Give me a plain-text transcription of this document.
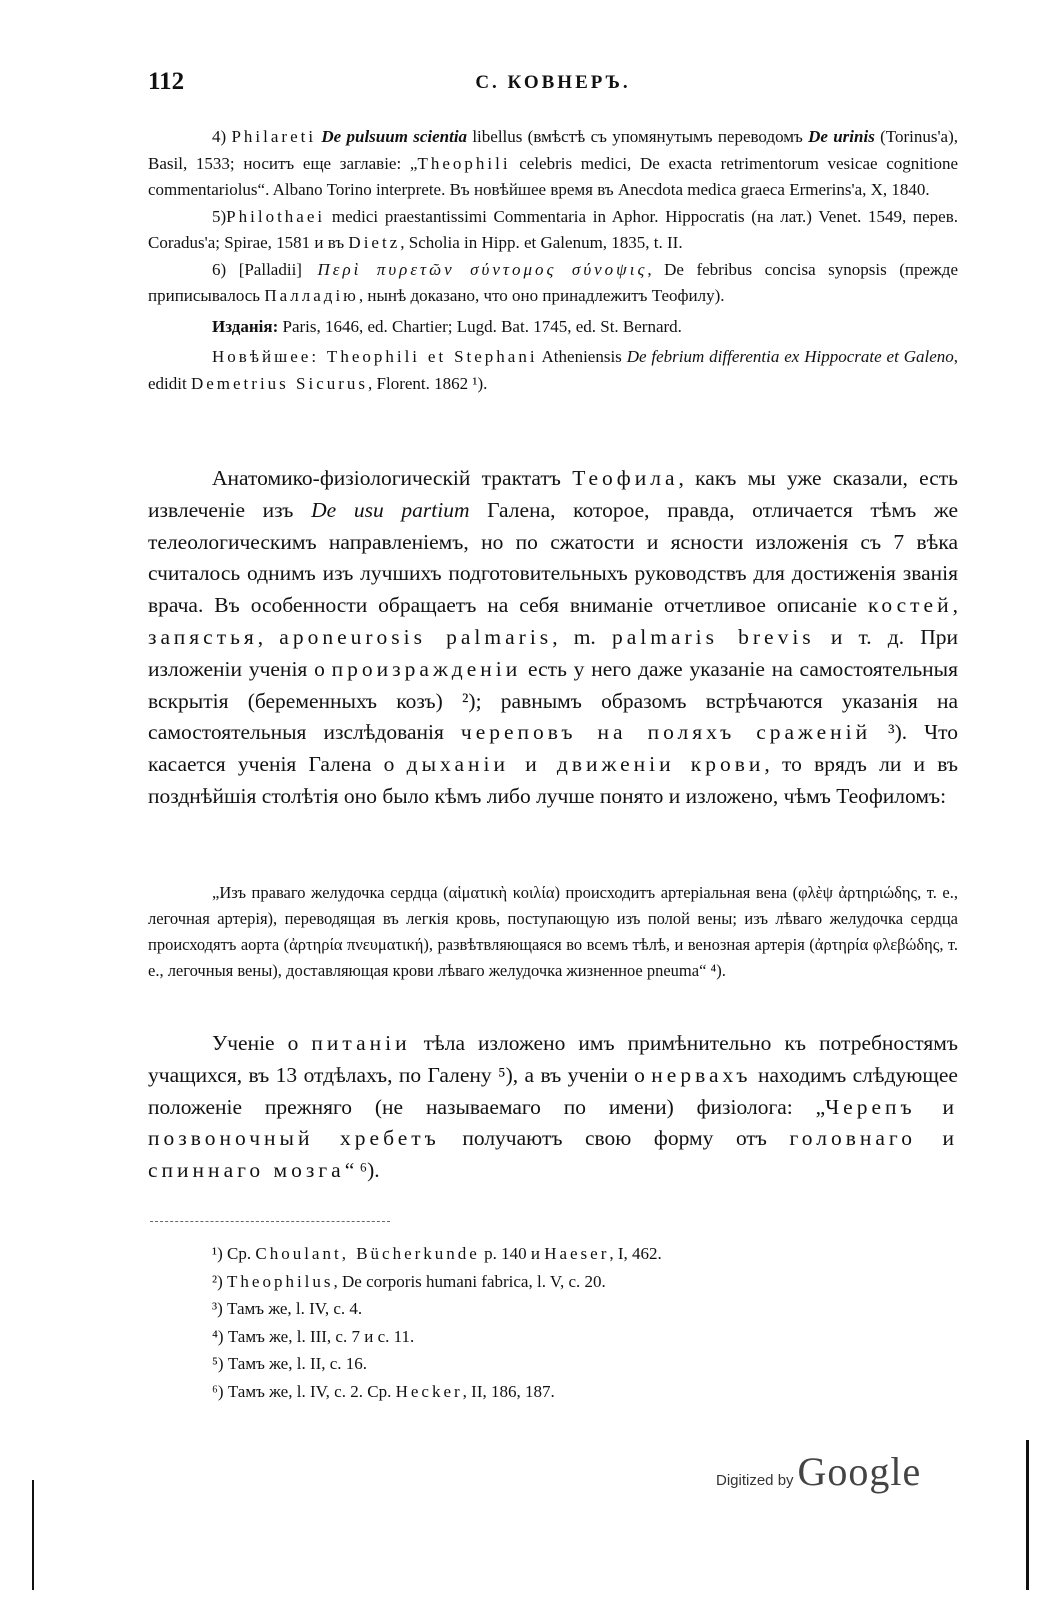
112	С. КОВНЕРЪ.

4) Philareti De pulsuum scientia libellus (вмѣстѣ съ упомянутымъ переводомъ De urinis (Torinus'a), Basil, 1533; носитъ еще заглавіе: „Theophili celebris medici, De exacta retrimentorum vesicae cognitione commentariolus“. Albano Torino interprete. Въ новѣйшее время въ Anecdota medica graeca Ermerins'a, X, 1840.

5)Philothaei medici praestantissimi Commentaria in Aphor. Hippocratis (на лат.) Venet. 1549, перев. Coradus'a; Spirae, 1581 и въ Dietz, Scholia in Hipp. et Galenum, 1835, t. II.

6) [Palladii] Περὶ πυρετῶν σύντομος σύνοψις, De febribus concisa synopsis (прежде приписывалось Палладію, нынѣ доказано, что оно принадлежитъ Теофилу).

Изданія: Paris, 1646, ed. Chartier; Lugd. Bat. 1745, ed. St. Bernard.

Новѣйшее: Theophili et Stephani Atheniensis De febrium differentia ex Hippocrate et Galeno, edidit Demetrius Sicurus, Florent. 1862 ¹).

Анатомико-физіологическій трактатъ Теофила, какъ мы уже сказали, есть извлеченіе изъ De usu partium Галена, которое, правда, отличается тѣмъ же телеологическимъ направленіемъ, но по сжатости и ясности изложенія съ 7 вѣка считалось однимъ изъ лучшихъ подготовительныхъ руководствъ для достиженія званія врача. Въ особенности обращаетъ на себя вниманіе отчетливое описаніе костей, запястья, aponeurosis palmaris, m. palmaris brevis и т. д. При изложеніи ученія о произражденіи есть у него даже указаніе на самостоятельныя вскрытія (беременныхъ козъ) ²); равнымъ образомъ встрѣчаются указанія на самостоятельныя изслѣдованія череповъ на поляхъ сраженій ³). Что касается ученія Галена о дыханіи и движеніи крови, то врядъ ли и въ позднѣйшія столѣтія оно было кѣмъ либо лучше понято и изложено, чѣмъ Теофиломъ:

„Изъ праваго желудочка сердца (αἱματικὴ κοιλία) происходитъ артеріальная вена (φλὲψ ἀρτηριώδης, т. е., легочная артерія), переводящая въ легкія кровь, поступающую изъ полой вены; изъ лѣваго желудочка сердца происходятъ аорта (ἀρτηρία πνευματική), развѣтвляющаяся во всемъ тѣлѣ, и венозная артерія (ἀρτηρία φλεβώδης, т. е., легочныя вены), доставляющая крови лѣваго желудочка жизненное pneuma“ ⁴).

Ученіе о питаніи тѣла изложено имъ примѣнительно къ потребностямъ учащихся, въ 13 отдѣлахъ, по Галену ⁵), а въ ученіи о нервахъ находимъ слѣдующее положеніе прежняго (не называемаго по имени) физіолога: „Черепъ и позвоночный хребетъ получаютъ свою форму отъ головнаго и спиннаго мозга“ ⁶).

¹) Ср. Choulant, Bücherkunde p. 140 и Haeser, I, 462.

²) Theophilus, De corporis humani fabrica, l. V, c. 20.

³) Тамъ же, l. IV, c. 4.

⁴) Тамъ же, l. III, c. 7 и c. 11.

⁵) Тамъ же, l. II, c. 16.

⁶) Тамъ же, l. IV, c. 2. Ср. Hecker, II, 186, 187.

Digitized by Google
